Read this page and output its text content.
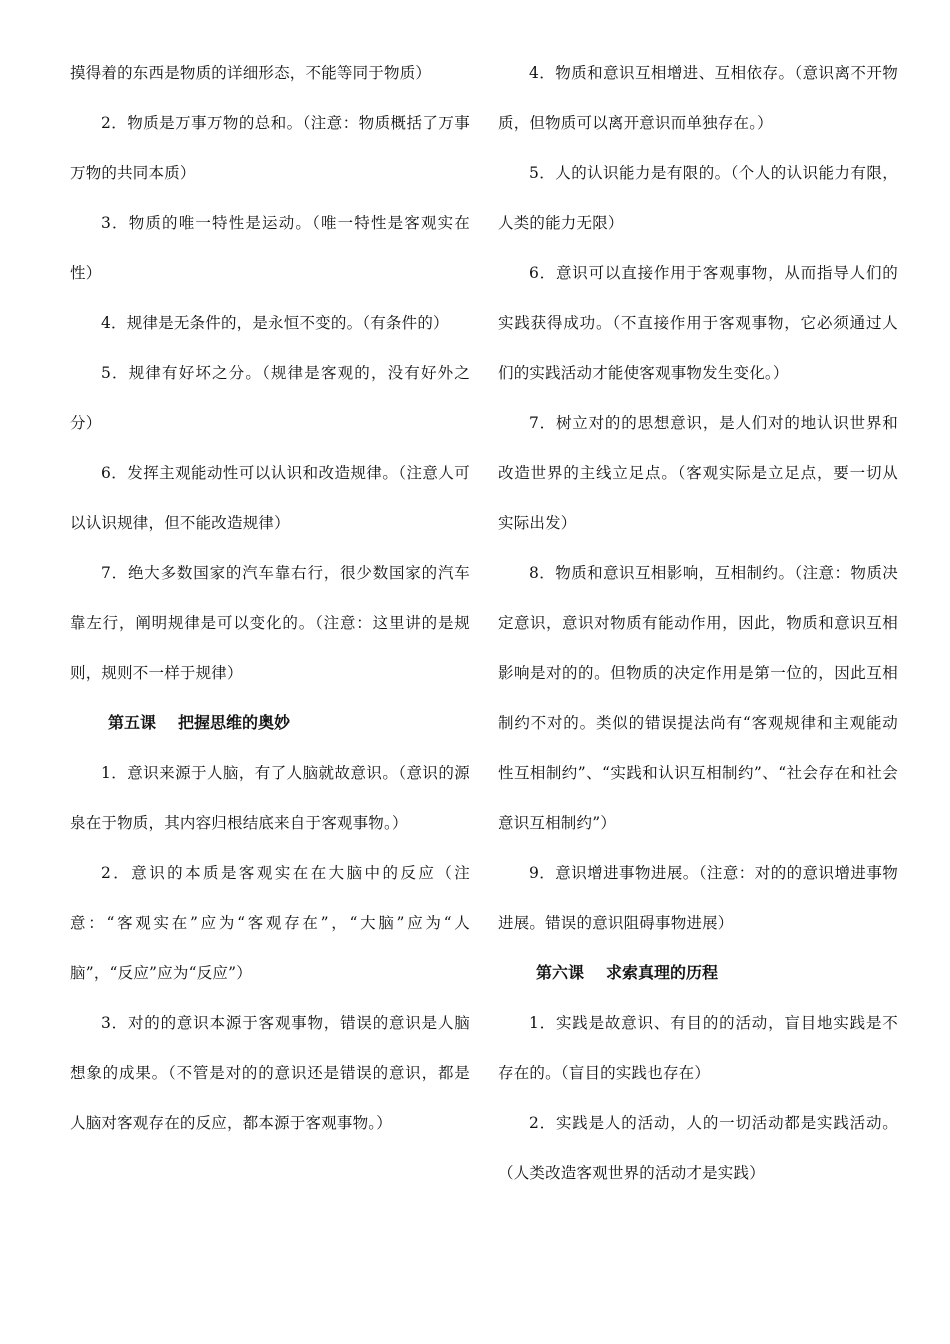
摸得着的东西是物质的详细形态，不能等同于物质）

2．物质是万事万物的总和。（注意：物质概括了万事万物的共同本质）

3．物质的唯一特性是运动。（唯一特性是客观实在性）

4．规律是无条件的，是永恒不变的。（有条件的）

5．规律有好坏之分。（规律是客观的，没有好外之分）

6．发挥主观能动性可以认识和改造规律。（注意人可以认识规律，但不能改造规律）

7．绝大多数国家的汽车靠右行，很少数国家的汽车靠左行，阐明规律是可以变化的。（注意：这里讲的是规则，规则不一样于规律）

第五课 把握思维的奥妙

1．意识来源于人脑，有了人脑就故意识。（意识的源泉在于物质，其内容归根结底来自于客观事物。）

2．意识的本质是客观实在在大脑中的反应（注意：“客观实在”应为“客观存在”，“大脑”应为“人脑”，“反应”应为“反应”）

3．对的的意识本源于客观事物，错误的意识是人脑想象的成果。（不管是对的的意识还是错误的意识，都是人脑对客观存在的反应，都本源于客观事物。）

4．物质和意识互相增进、互相依存。（意识离不开物质，但物质可以离开意识而单独存在。）

5．人的认识能力是有限的。（个人的认识能力有限，人类的能力无限）

6．意识可以直接作用于客观事物，从而指导人们的实践获得成功。（不直接作用于客观事物，它必须通过人们的实践活动才能使客观事物发生变化。）

7．树立对的的思想意识，是人们对的地认识世界和改造世界的主线立足点。（客观实际是立足点，要一切从实际出发）

8．物质和意识互相影响，互相制约。（注意：物质决定意识，意识对物质有能动作用，因此，物质和意识互相影响是对的的。但物质的决定作用是第一位的，因此互相制约不对的。类似的错误提法尚有“客观规律和主观能动性互相制约”、“实践和认识互相制约”、“社会存在和社会意识互相制约”）

9．意识增进事物进展。（注意：对的的意识增进事物进展。错误的意识阻碍事物进展）

第六课 求索真理的历程

1．实践是故意识、有目的的活动，盲目地实践是不存在的。（盲目的实践也存在）

2．实践是人的活动，人的一切活动都是实践活动。（人类改造客观世界的活动才是实践）
